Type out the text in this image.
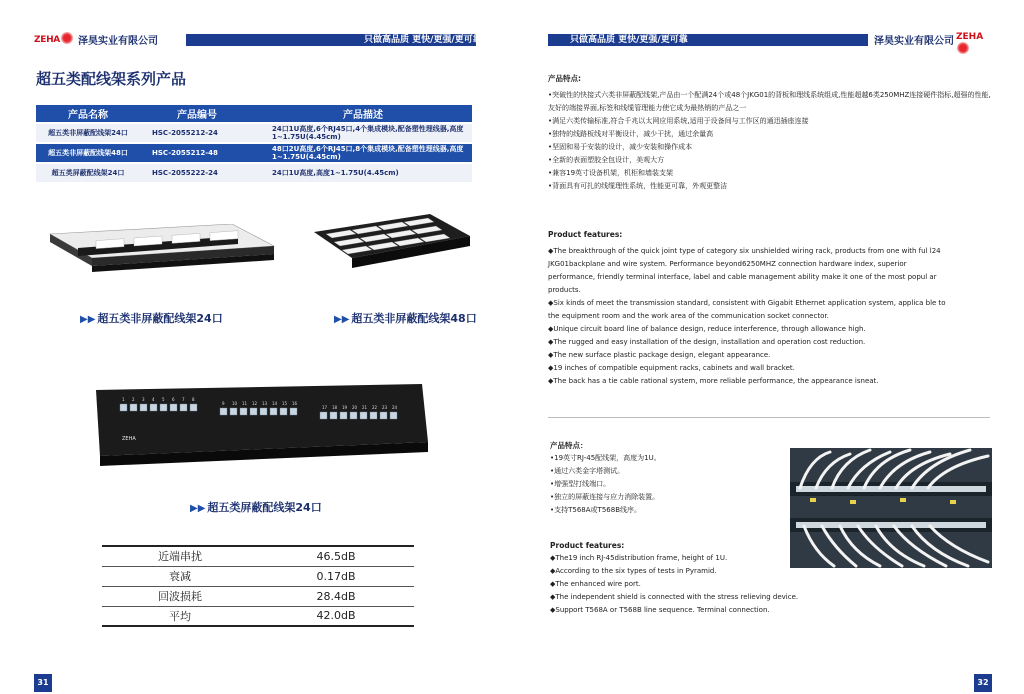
ZEHA	泽昊实业有限公司	只做高品质 更快/更强/更可靠	只做高品质 更快/更强/更可靠	泽昊实业有限公司 ZEHA
超五类配线架系列产品
产品名称	产品编号	产品描述
超五类非屏蔽配线架24口	HSC-2055212-24	24口1U高度,6个RJ45口,4个集成模块,配备塑性理线器,高度1~1.75U(4.45cm)
超五类非屏蔽配线架48口	HSC-2055212-48	48口2U高度,6个RJ45口,8个集成模块,配备塑性理线器,高度1~1.75U(4.45cm)
超五类屏蔽配线架24口	HSC-2055222-24	24口1U高度,高度1~1.75U(4.45cm)
1 2 3 4 5 6 7 8
9 10 11 12 13 14 15 16
17 18 19 20 21 22 23 24
ZEHA
▶▶ 超五类非屏蔽配线架24口	▶▶ 超五类非屏蔽配线架48口
▶▶ 超五类屏蔽配线架24口
近端串扰	46.5dB
衰减	0.17dB
回波损耗	28.4dB
平均	42.0dB
产品特点:
•突破性的快接式六类非屏蔽配线架,产品由一个配满24个或48个JKG01的背板和理线系统组成,性能超越6类250MHZ连接硬件指标,超强的性能,友好的端接界面,标签和线缆管理能力使它成为最热销的产品之一
•满足六类传输标准,符合千兆以太网应用系统,适用于设备间与工作区的通迅插座连接
•独特的线路板线对平衡设计，减少干扰，通过余量高
•坚固和易于安装的设计，减少安装和操作成本
•全新的表面塑胶全包设计，美观大方
•兼容19英寸设备机架，机柜和墙装支架
•背面具有可扎的线缆理性系统，性能更可靠，外观更整洁
Product features:
◆The breakthrough of the quick joint type of category six unshielded wiring rack, products from one with ful l24 JKG01backplane and wire system. Performance beyond6250MHZ connection hardware index, superior performance, friendly terminal interface, label and cable management ability make it one of the most popul ar products.
◆Six kinds of meet the transmission standard, consistent with Gigabit Ethernet application system, applica ble to the equipment room and the work area of the communication socket connector.
◆Unique circuit board line of balance design, reduce interference, through allowance high.
◆The rugged and easy installation of the design, installation and operation cost reduction.
◆The new surface plastic package design, elegant appearance.
◆19 inches of compatible equipment racks, cabinets and wall bracket.
◆The back has a tie cable rational system, more reliable performance, the appearance isneat.
产品特点：
•19英寸RJ-45配线架，高度为1U。
•通过六类金字塔测试。
•增强型打线端口。
•独立的屏蔽连接与应力消除装置。
•支持T568A或T568B线序。
Product features:
◆The19 inch RJ-45distribution frame, height of 1U.
◆According to the six types of tests in Pyramid.
◆The enhanced wire port.
◆The independent shield is connected with the stress relieving device.
◆Support T568A or T568B line sequence. Terminal connection.
31	32
